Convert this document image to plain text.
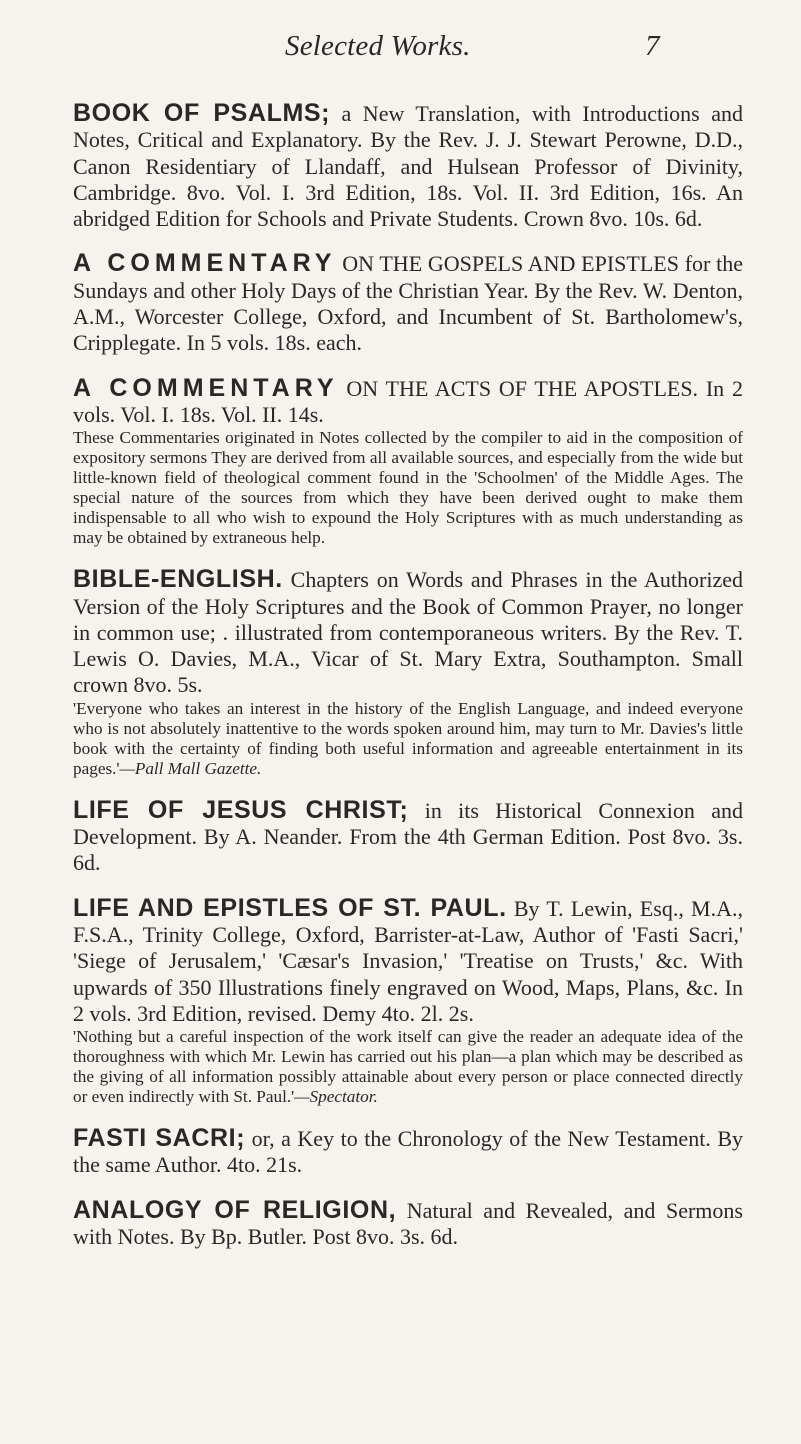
Selected Works.	7

BOOK OF PSALMS; a New Translation, with Introductions and Notes, Critical and Explanatory. By the Rev. J. J. Stewart Perowne, D.D., Canon Residentiary of Llandaff, and Hulsean Professor of Divinity, Cambridge. 8vo. Vol. I. 3rd Edition, 18s. Vol. II. 3rd Edition, 16s. An abridged Edition for Schools and Private Students. Crown 8vo. 10s. 6d.

A COMMENTARY ON THE GOSPELS AND EPISTLES for the Sundays and other Holy Days of the Christian Year. By the Rev. W. Denton, A.M., Worcester College, Oxford, and Incumbent of St. Bartholomew's, Cripplegate. In 5 vols. 18s. each.

A COMMENTARY ON THE ACTS OF THE APOSTLES. In 2 vols. Vol. I. 18s. Vol. II. 14s.

These Commentaries originated in Notes collected by the compiler to aid in the composition of expository sermons They are derived from all available sources, and especially from the wide but little-known field of theological comment found in the 'Schoolmen' of the Middle Ages. The special nature of the sources from which they have been derived ought to make them indispensable to all who wish to expound the Holy Scriptures with as much understanding as may be obtained by extraneous help.

BIBLE-ENGLISH. Chapters on Words and Phrases in the Authorized Version of the Holy Scriptures and the Book of Common Prayer, no longer in common use; . illustrated from contemporaneous writers. By the Rev. T. Lewis O. Davies, M.A., Vicar of St. Mary Extra, Southampton. Small crown 8vo. 5s.

'Everyone who takes an interest in the history of the English Language, and indeed everyone who is not absolutely inattentive to the words spoken around him, may turn to Mr. Davies's little book with the certainty of finding both useful information and agreeable entertainment in its pages.'—Pall Mall Gazette.

LIFE OF JESUS CHRIST; in its Historical Connexion and Development. By A. Neander. From the 4th German Edition. Post 8vo. 3s. 6d.

LIFE AND EPISTLES OF ST. PAUL. By T. Lewin, Esq., M.A., F.S.A., Trinity College, Oxford, Barrister-at-Law, Author of 'Fasti Sacri,' 'Siege of Jerusalem,' 'Cæsar's Invasion,' 'Treatise on Trusts,' &c. With upwards of 350 Illustrations finely engraved on Wood, Maps, Plans, &c. In 2 vols. 3rd Edition, revised. Demy 4to. 2l. 2s.

'Nothing but a careful inspection of the work itself can give the reader an adequate idea of the thoroughness with which Mr. Lewin has carried out his plan—a plan which may be described as the giving of all information possibly attainable about every person or place connected directly or even indirectly with St. Paul.'—Spectator.

FASTI SACRI; or, a Key to the Chronology of the New Testament. By the same Author. 4to. 21s.

ANALOGY OF RELIGION, Natural and Revealed, and Sermons with Notes. By Bp. Butler. Post 8vo. 3s. 6d.
